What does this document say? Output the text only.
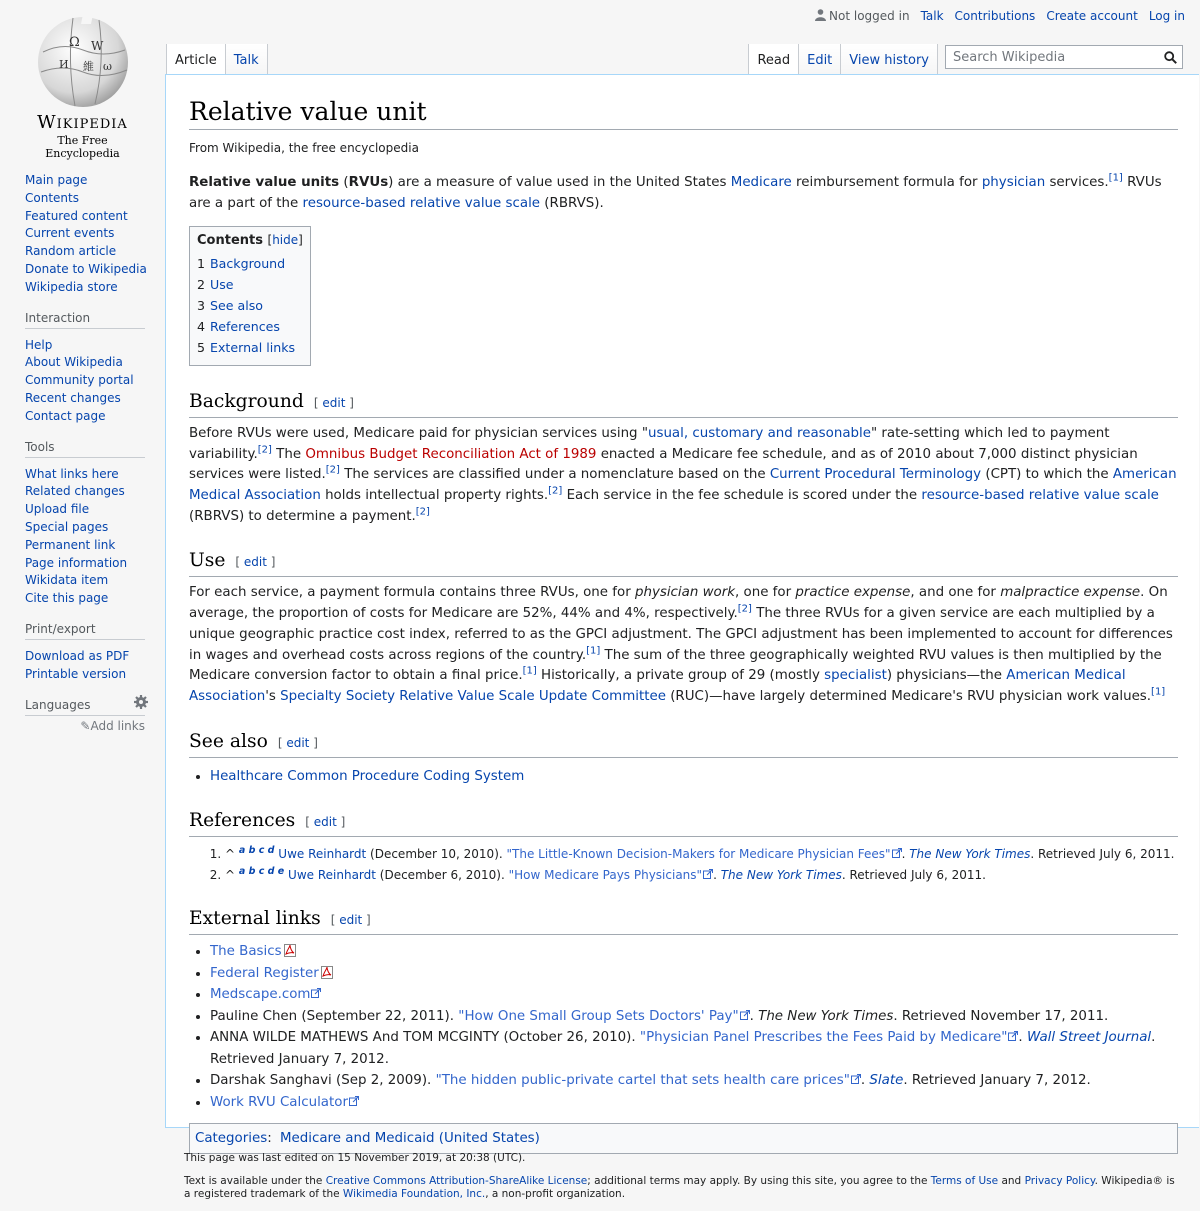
Not logged in Talk Contributions Create account Log in
Ω W
И 維 ω
Wikipedia
The Free Encyclopedia
Main page
Contents
Featured content
Current events
Random article
Donate to Wikipedia
Wikipedia store
Interaction
Help
About Wikipedia
Community portal
Recent changes
Contact page
Tools
What links here
Related changes
Upload file
Special pages
Permanent link
Page information
Wikidata item
Cite this page
Print/export
Download as PDF
Printable version
Languages
✎Add links
Article	Talk	Read	Edit	View history
Search Wikipedia
Relative value unit
From Wikipedia, the free encyclopedia

Relative value units (RVUs) are a measure of value used in the United States Medicare reimbursement formula for physician services.[1] RVUs are a part of the resource-based relative value scale (RBRVS).

Contents [hide]
1 Background
2 Use
3 See also
4 References
5 External links
Background [ edit ]

Before RVUs were used, Medicare paid for physician services using "usual, customary and reasonable" rate-setting which led to payment variability.[2] The Omnibus Budget Reconciliation Act of 1989 enacted a Medicare fee schedule, and as of 2010 about 7,000 distinct physician services were listed.[2] The services are classified under a nomenclature based on the Current Procedural Terminology (CPT) to which the American Medical Association holds intellectual property rights.[2] Each service in the fee schedule is scored under the resource-based relative value scale (RBRVS) to determine a payment.[2]

Use [ edit ]

For each service, a payment formula contains three RVUs, one for physician work, one for practice expense, and one for malpractice expense. On average, the proportion of costs for Medicare are 52%, 44% and 4%, respectively.[2] The three RVUs for a given service are each multiplied by a unique geographic practice cost index, referred to as the GPCI adjustment. The GPCI adjustment has been implemented to account for differences in wages and overhead costs across regions of the country.[1] The sum of the three geographically weighted RVU values is then multiplied by the Medicare conversion factor to obtain a final price.[1] Historically, a private group of 29 (mostly specialist) physicians—the American Medical Association's Specialty Society Relative Value Scale Update Committee (RUC)—have largely determined Medicare's RVU physician work values.[1]

See also [ edit ]
• Healthcare Common Procedure Coding System
References [ edit ]
1. ^ $^{a b c d}$ Uwe Reinhardt (December 10, 2010). "The Little-Known Decision-Makers for Medicare Physician Fees" . The New York Times. Retrieved July 6, 2011.
2. ^ $^{a b c d e}$ Uwe Reinhardt (December 6, 2010). "How Medicare Pays Physicians" . The New York Times. Retrieved July 6, 2011.
External links [ edit ]
• The Basics
• Federal Register
• Medscape.com
• Pauline Chen (September 22, 2011). "How One Small Group Sets Doctors' Pay" . The New York Times. Retrieved November 17, 2011.
• ANNA WILDE MATHEWS And TOM MCGINTY (October 26, 2010). "Physician Panel Prescribes the Fees Paid by Medicare" . Wall Street Journal. Retrieved January 7, 2012.
• Darshak Sanghavi (Sep 2, 2009). "The hidden public-private cartel that sets health care prices" . Slate. Retrieved January 7, 2012.
• Work RVU Calculator
Categories: Medicare and Medicaid (United States)

This page was last edited on 15 November 2019, at 20:38 (UTC).

Text is available under the Creative Commons Attribution-ShareAlike License; additional terms may apply. By using this site, you agree to the Terms of Use and Privacy Policy. Wikipedia® is a registered trademark of the Wikimedia Foundation, Inc., a non-profit organization.
